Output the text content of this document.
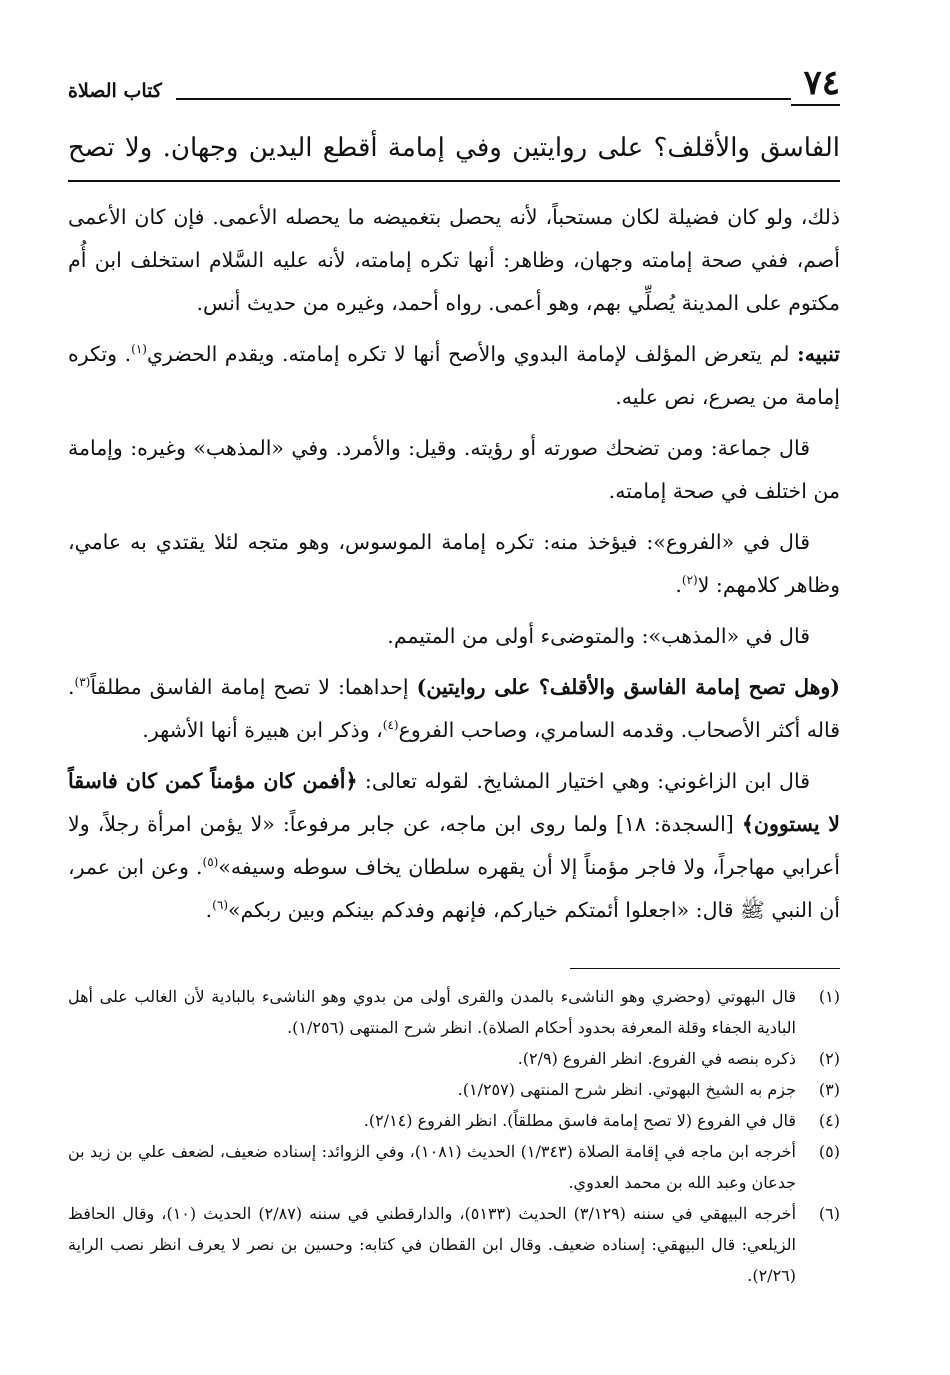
٧٤
كتاب الصلاة
الفاسق والأقلف؟ على روايتين وفي إمامة أقطع اليدين وجهان. ولا تصح

ذلك، ولو كان فضيلة لكان مستحباً، لأنه يحصل بتغميضه ما يحصله الأعمى. فإن كان الأعمى أصم، ففي صحة إمامته وجهان، وظاهر: أنها تكره إمامته، لأنه عليه السَّلام استخلف ابن أُم مكتوم على المدينة يُصلِّي بهم، وهو أعمى. رواه أحمد، وغيره من حديث أنس.

تنبيه: لم يتعرض المؤلف لإمامة البدوي والأصح أنها لا تكره إمامته. ويقدم الحضري$^{(١)}$. وتكره إمامة من يصرع، نص عليه.

قال جماعة: ومن تضحك صورته أو رؤيته. وقيل: والأمرد. وفي «المذهب» وغيره: وإمامة من اختلف في صحة إمامته.

قال في «الفروع»: فيؤخذ منه: تكره إمامة الموسوس، وهو متجه لئلا يقتدي به عامي، وظاهر كلامهم: لا$^{(٢)}$.

قال في «المذهب»: والمتوضىء أولى من المتيمم.

(وهل تصح إمامة الفاسق والأقلف؟ على روايتين) إحداهما: لا تصح إمامة الفاسق مطلقاً$^{(٣)}$. قاله أكثر الأصحاب. وقدمه السامري، وصاحب الفروع$^{(٤)}$، وذكر ابن هبيرة أنها الأشهر.

قال ابن الزاغوني: وهي اختيار المشايخ. لقوله تعالى: ﴿أفمن كان مؤمناً كمن كان فاسقاً لا يستوون﴾ [السجدة: ١٨] ولما روى ابن ماجه، عن جابر مرفوعاً: «لا يؤمن امرأة رجلاً، ولا أعرابي مهاجراً، ولا فاجر مؤمناً إلا أن يقهره سلطان يخاف سوطه وسيفه»$^{(٥)}$. وعن ابن عمر، أن النبي ﷺ قال: «اجعلوا أئمتكم خياركم، فإنهم وفدكم بينكم وبين ربكم»$^{(٦)}$.

(١)
قال البهوتي (وحضري وهو الناشىء بالمدن والقرى أولى من بدوي وهو الناشىء بالبادية لأن الغالب على أهل البادية الجفاء وقلة المعرفة بحدود أحكام الصلاة). انظر شرح المنتهى (١/٢٥٦).
(٢)
ذكره بنصه في الفروع. انظر الفروع (٢/٩).
(٣)
جزم به الشيخ البهوتي. انظر شرح المنتهى (١/٢٥٧).
(٤)
قال في الفروع (لا تصح إمامة فاسق مطلقاً). انظر الفروع (٢/١٤).
(٥)
أخرجه ابن ماجه في إقامة الصلاة (١/٣٤٣) الحديث (١٠٨١)، وفي الزوائد: إسناده ضعيف، لضعف علي بن زيد بن جدعان وعبد الله بن محمد العدوي.
(٦)
أخرجه البيهقي في سننه (٣/١٢٩) الحديث (٥١٣٣)، والدارقطني في سننه (٢/٨٧) الحديث (١٠)، وقال الحافظ الزيلعي: قال البيهقي: إسناده ضعيف. وقال ابن القطان في كتابه: وحسين بن نصر لا يعرف انظر نصب الراية (٢/٢٦).
